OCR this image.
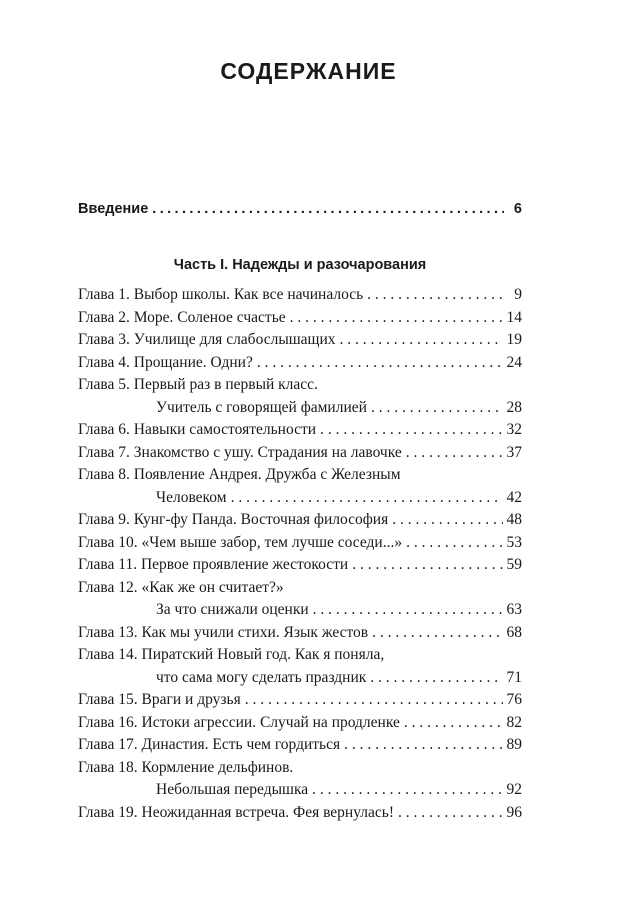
СОДЕРЖАНИЕ
Введение .....	6
Часть I. Надежды и разочарования
Глава 1. Выбор школы. Как все начиналось . . .	9
Глава 2. Море. Соленое счастье . . .	14
Глава 3. Училище для слабослышащих . . .	19
Глава 4. Прощание. Одни? . . .	24
Глава 5. Первый раз в первый класс.
Учитель с говорящей фамилией . . .	28
Глава 6. Навыки самостоятельности . . .	32
Глава 7. Знакомство с ушу. Страдания на лавочке . . .	37
Глава 8. Появление Андрея. Дружба с Железным
Человеком . . .	42
Глава 9. Кунг-фу Панда. Восточная философия . . .	48
Глава 10. «Чем выше забор, тем лучше соседи...» . . .	53
Глава 11. Первое проявление жестокости . . .	59
Глава 12. «Как же он считает?»
За что снижали оценки . . .	63
Глава 13. Как мы учили стихи. Язык жестов . . .	68
Глава 14. Пиратский Новый год. Как я поняла,
что сама могу сделать праздник . . .	71
Глава 15. Враги и друзья . . .	76
Глава 16. Истоки агрессии. Случай на продленке . . .	82
Глава 17. Династия. Есть чем гордиться . . .	89
Глава 18. Кормление дельфинов.
Небольшая передышка . . .	92
Глава 19. Неожиданная встреча. Фея вернулась! . . .	96
